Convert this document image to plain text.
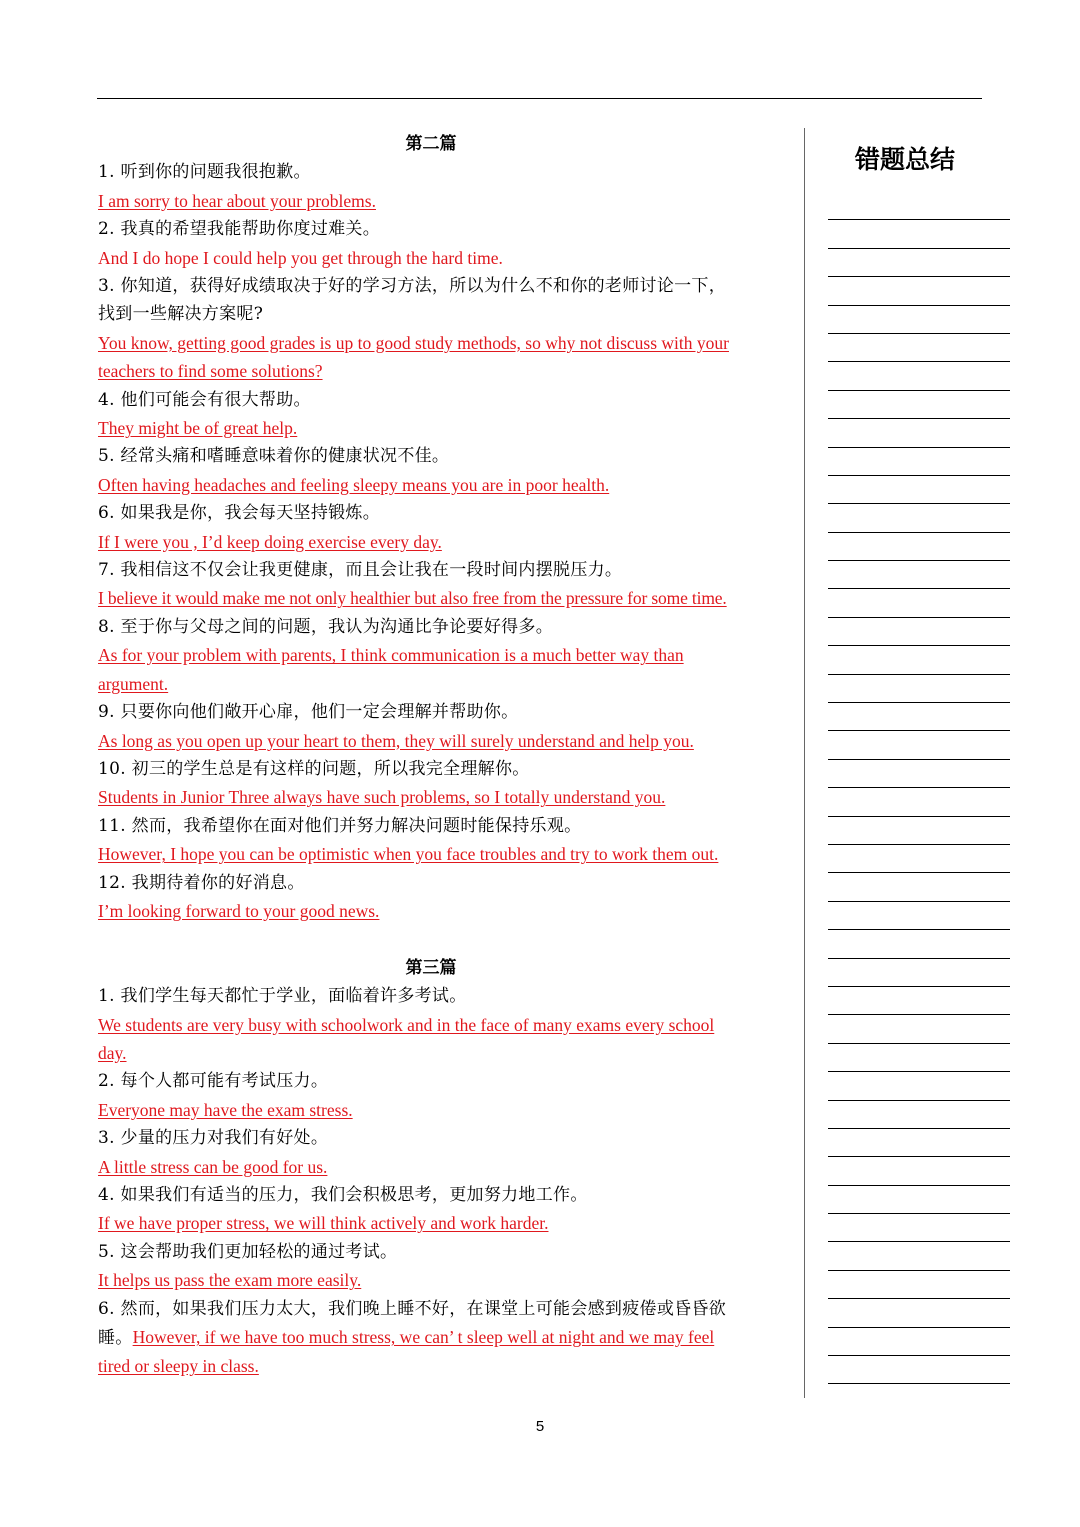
第二篇
1. 听到你的问题我很抱歉。
I am sorry to hear about your problems.
2. 我真的希望我能帮助你度过难关。
And I do hope I could help you get through the hard time.
3. 你知道，获得好成绩取决于好的学习方法，所以为什么不和你的老师讨论一下，
找到一些解决方案呢?
You know, getting good grades is up to good study methods, so why not discuss with your
teachers to find some solutions?
4. 他们可能会有很大帮助。
They might be of great help.
5. 经常头痛和嗜睡意味着你的健康状况不佳。
Often having headaches and feeling sleepy means you are in poor health.
6. 如果我是你，我会每天坚持锻炼。
If I were you , I’d keep doing exercise every day.
7. 我相信这不仅会让我更健康，而且会让我在一段时间内摆脱压力。
I believe it would make me not only healthier but also free from the pressure for some time.
8. 至于你与父母之间的问题，我认为沟通比争论要好得多。
As for your problem with parents, I think communication is a much better way than
argument.
9. 只要你向他们敞开心扉，他们一定会理解并帮助你。
As long as you open up your heart to them, they will surely understand and help you.
10. 初三的学生总是有这样的问题，所以我完全理解你。
Students in Junior Three always have such problems, so I totally understand you.
11. 然而，我希望你在面对他们并努力解决问题时能保持乐观。
However, I hope you can be optimistic when you face troubles and try to work them out.
12. 我期待着你的好消息。
I’m looking forward to your good news.
第三篇
1. 我们学生每天都忙于学业，面临着许多考试。
We students are very busy with schoolwork and in the face of many exams every school
day.
2. 每个人都可能有考试压力。
Everyone may have the exam stress.
3. 少量的压力对我们有好处。
A little stress can be good for us.
4. 如果我们有适当的压力，我们会积极思考，更加努力地工作。
If we have proper stress, we will think actively and work harder.
5. 这会帮助我们更加轻松的通过考试。
It helps us pass the exam more easily.
6. 然而，如果我们压力太大，我们晚上睡不好，在课堂上可能会感到疲倦或昏昏欲
睡。However, if we have too much stress, we can’ t sleep well at night and we may feel
tired or sleepy in class.
错题总结
5
